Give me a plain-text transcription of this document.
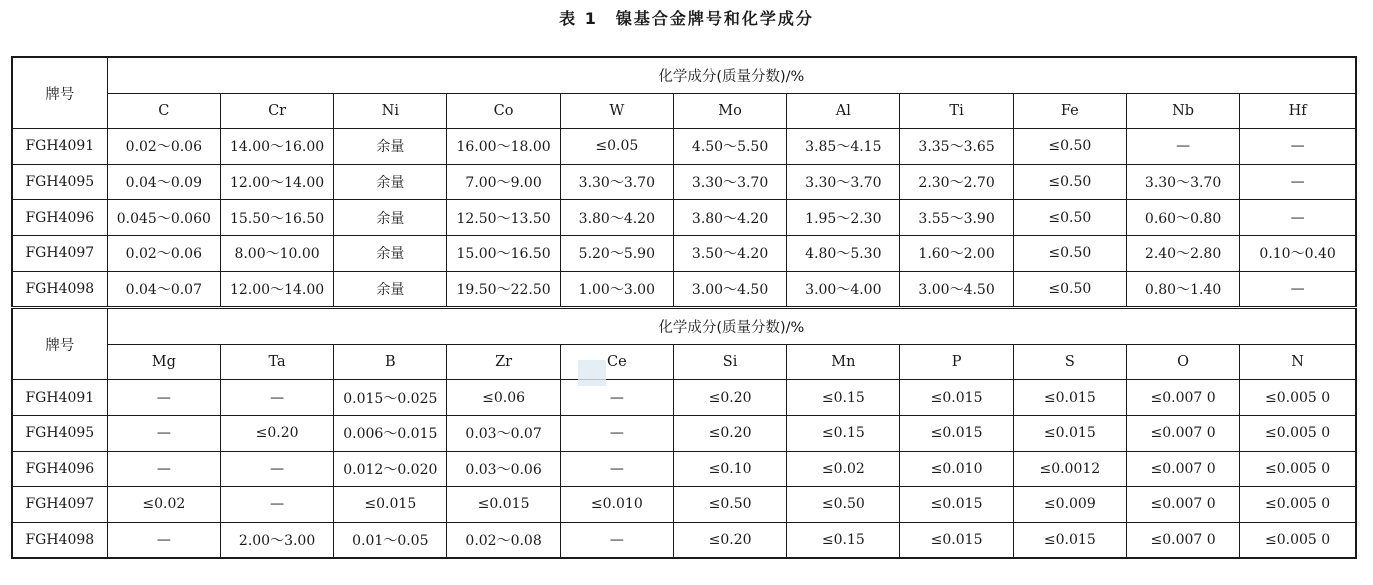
表 1 镍基合金牌号和化学成分
牌号	化学成分(质量分数)/%										
	C	Cr	Ni	Co	W	Mo	Al	Ti	Fe	Nb	Hf
FGH4091	0.02～0.06	14.00～16.00	余量	16.00～18.00	≤0.05	4.50～5.50	3.85～4.15	3.35～3.65	≤0.50	—	—
FGH4095	0.04～0.09	12.00～14.00	余量	7.00～9.00	3.30～3.70	3.30～3.70	3.30～3.70	2.30～2.70	≤0.50	3.30～3.70	—
FGH4096	0.045～0.060	15.50～16.50	余量	12.50～13.50	3.80～4.20	3.80～4.20	1.95～2.30	3.55～3.90	≤0.50	0.60～0.80	—
FGH4097	0.02～0.06	8.00～10.00	余量	15.00～16.50	5.20～5.90	3.50～4.20	4.80～5.30	1.60～2.00	≤0.50	2.40～2.80	0.10～0.40
FGH4098	0.04～0.07	12.00～14.00	余量	19.50～22.50	1.00～3.00	3.00～4.50	3.00～4.00	3.00～4.50	≤0.50	0.80～1.40	—
牌号	化学成分(质量分数)/%										
	Mg	Ta	B	Zr	Ce	Si	Mn	P	S	O	N
FGH4091	—	—	0.015～0.025	≤0.06	—	≤0.20	≤0.15	≤0.015	≤0.015	≤0.007 0	≤0.005 0
FGH4095	—	≤0.20	0.006～0.015	0.03～0.07	—	≤0.20	≤0.15	≤0.015	≤0.015	≤0.007 0	≤0.005 0
FGH4096	—	—	0.012～0.020	0.03～0.06	—	≤0.10	≤0.02	≤0.010	≤0.0012	≤0.007 0	≤0.005 0
FGH4097	≤0.02	—	≤0.015	≤0.015	≤0.010	≤0.50	≤0.50	≤0.015	≤0.009	≤0.007 0	≤0.005 0
FGH4098	—	2.00～3.00	0.01～0.05	0.02～0.08	—	≤0.20	≤0.15	≤0.015	≤0.015	≤0.007 0	≤0.005 0
